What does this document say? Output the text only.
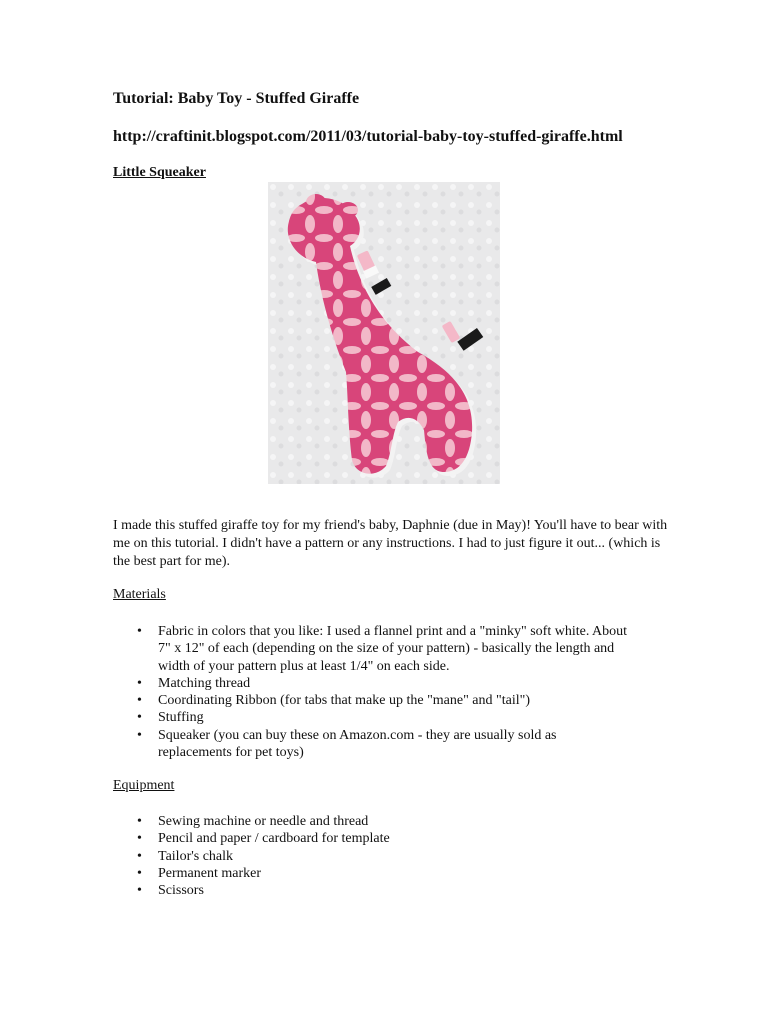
Tutorial: Baby Toy - Stuffed Giraffe

http://craftinit.blogspot.com/2011/03/tutorial-baby-toy-stuffed-giraffe.html

Little Squeaker

I made this stuffed giraffe toy for my friend's baby, Daphnie (due in May)! You'll have to bear with me on this tutorial. I didn't have a pattern or any instructions. I had to just figure it out... (which is the best part for me).

Materials

• Fabric in colors that you like: I used a flannel print and a "minky" soft white. About 7" x 12" of each (depending on the size of your pattern) - basically the length and width of your pattern plus at least 1/4" on each side.
• Matching thread
• Coordinating Ribbon (for tabs that make up the "mane" and "tail")
• Stuffing
• Squeaker (you can buy these on Amazon.com - they are usually sold as replacements for pet toys)

Equipment

• Sewing machine or needle and thread
• Pencil and paper / cardboard for template
• Tailor's chalk
• Permanent marker
• Scissors
